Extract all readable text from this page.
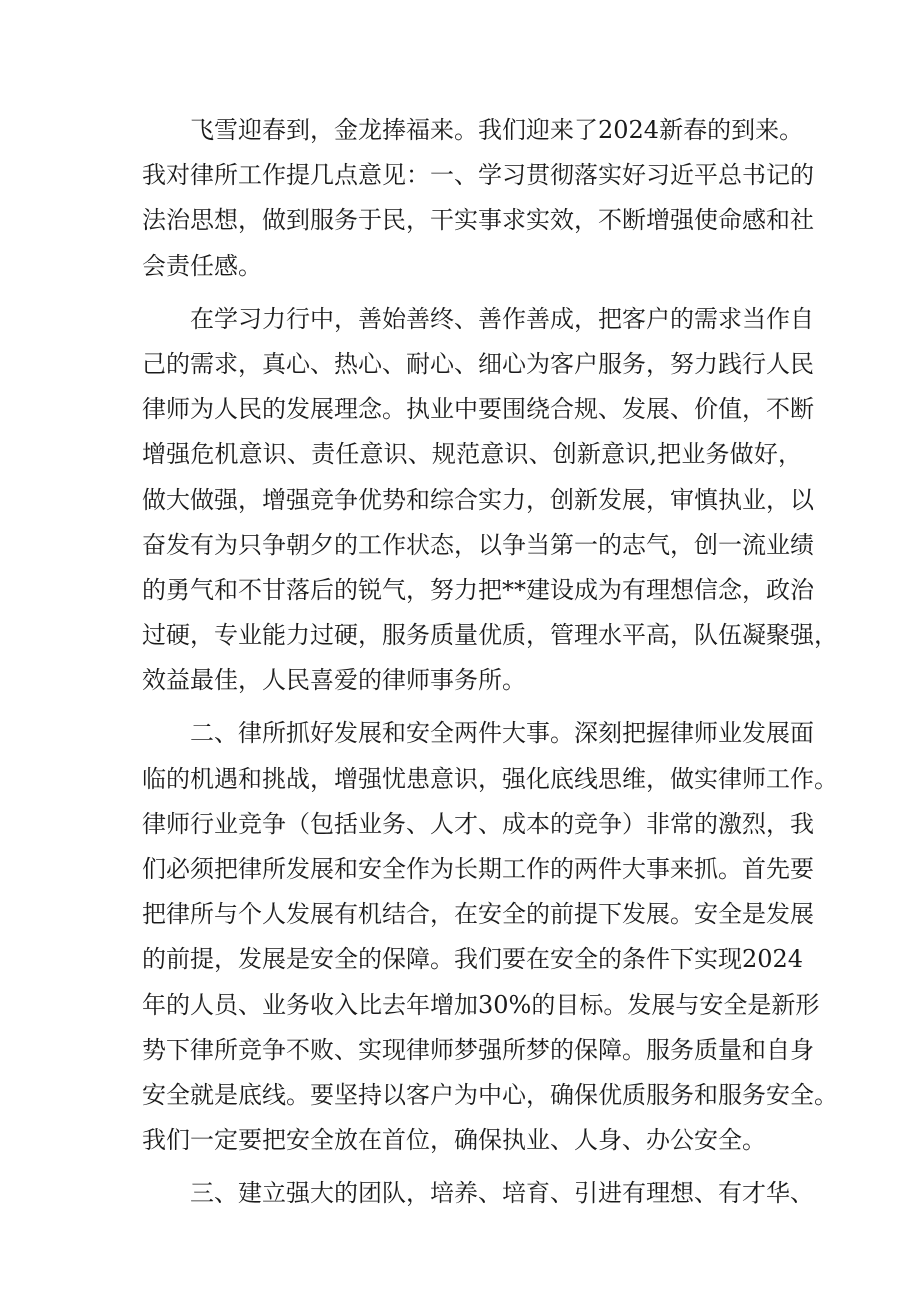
飞雪迎春到，金龙捧福来。我们迎来了2024新春的到来。
我对律所工作提几点意见：一、学习贯彻落实好习近平总书记的
法治思想，做到服务于民，干实事求实效，不断增强使命感和社
会责任感。
在学习力行中，善始善终、善作善成，把客户的需求当作自
己的需求，真心、热心、耐心、细心为客户服务，努力践行人民
律师为人民的发展理念。执业中要围绕合规、发展、价值，不断
增强危机意识、责任意识、规范意识、创新意识,把业务做好，
做大做强，增强竞争优势和综合实力，创新发展，审慎执业，以
奋发有为只争朝夕的工作状态，以争当第一的志气，创一流业绩
的勇气和不甘落后的锐气，努力把**建设成为有理想信念，政治
过硬，专业能力过硬，服务质量优质，管理水平高，队伍凝聚强，
效益最佳，人民喜爱的律师事务所。
二、律所抓好发展和安全两件大事。深刻把握律师业发展面
临的机遇和挑战，增强忧患意识，强化底线思维，做实律师工作。
律师行业竞争（包括业务、人才、成本的竞争）非常的激烈，我
们必须把律所发展和安全作为长期工作的两件大事来抓。首先要
把律所与个人发展有机结合，在安全的前提下发展。安全是发展
的前提，发展是安全的保障。我们要在安全的条件下实现2024
年的人员、业务收入比去年增加30%的目标。发展与安全是新形
势下律所竞争不败、实现律师梦强所梦的保障。服务质量和自身
安全就是底线。要坚持以客户为中心，确保优质服务和服务安全。
我们一定要把安全放在首位，确保执业、人身、办公安全。
三、建立强大的团队，培养、培育、引进有理想、有才华、
